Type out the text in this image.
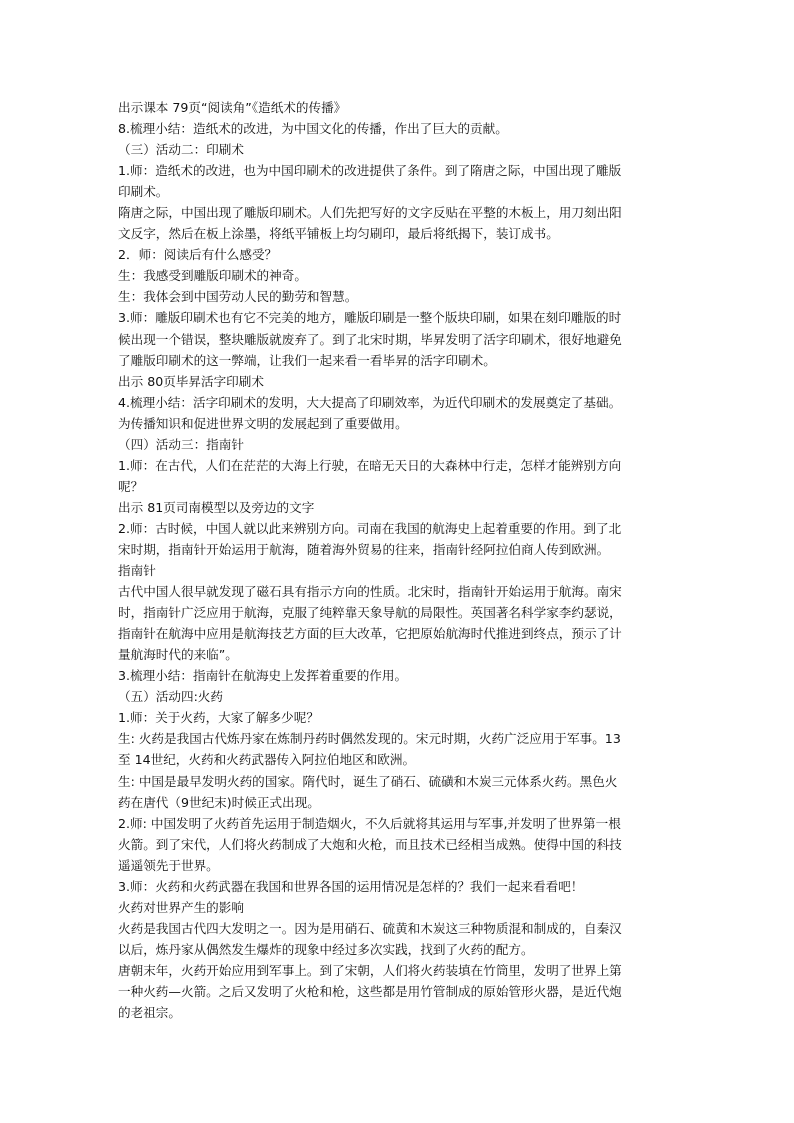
出示课本 79页“阅读角”《造纸术的传播》

8.梳理小结：造纸术的改进，为中国文化的传播，作出了巨大的贡献。

（三）活动二：印刷术

1.师：造纸术的改进，也为中国印刷术的改进提供了条件。到了隋唐之际，中国出现了雕版

印刷术。

隋唐之际，中国出现了雕版印刷术。人们先把写好的文字反贴在平整的木板上，用刀刻出阳

文反字，然后在板上涂墨，将纸平铺板上均匀刷印，最后将纸揭下，装订成书。

2．师：阅读后有什么感受？

生：我感受到雕版印刷术的神奇。

生：我体会到中国劳动人民的勤劳和智慧。

3.师：雕版印刷术也有它不完美的地方，雕版印刷是一整个版块印刷，如果在刻印雕版的时

候出现一个错误，整块雕版就废弃了。到了北宋时期，毕昇发明了活字印刷术，很好地避免

了雕版印刷术的这一弊端，让我们一起来看一看毕昇的活字印刷术。

出示 80页毕昇活字印刷术

4.梳理小结：活字印刷术的发明，大大提高了印刷效率，为近代印刷术的发展奠定了基础。

为传播知识和促进世界文明的发展起到了重要做用。

（四）活动三：指南针

1.师：在古代，人们在茫茫的大海上行驶，在暗无天日的大森林中行走，怎样才能辨别方向

呢？

出示 81页司南模型以及旁边的文字

2.师：古时候，中国人就以此来辨别方向。司南在我国的航海史上起着重要的作用。到了北

宋时期，指南针开始运用于航海，随着海外贸易的往来，指南针经阿拉伯商人传到欧洲。

指南针

古代中国人很早就发现了磁石具有指示方向的性质。北宋时，指南针开始运用于航海。南宋

时，指南针广泛应用于航海，克服了纯粹靠天象导航的局限性。英国著名科学家李约瑟说，

指南针在航海中应用是航海技艺方面的巨大改革，它把原始航海时代推进到终点，预示了计

量航海时代的来临”。

3.梳理小结：指南针在航海史上发挥着重要的作用。

（五）活动四:火药

1.师：关于火药，大家了解多少呢？

生: 火药是我国古代炼丹家在炼制丹药时偶然发现的。宋元时期，火药广泛应用于军事。13

至 14世纪，火药和火药武器传入阿拉伯地区和欧洲。

生: 中国是最早发明火药的国家。隋代时，诞生了硝石、硫磺和木炭三元体系火药。黑色火

药在唐代（9世纪末)时候正式出现。

2.师: 中国发明了火药首先运用于制造烟火，不久后就将其运用与军事,并发明了世界第一根

火箭。到了宋代，人们将火药制成了大炮和火枪，而且技术已经相当成熟。使得中国的科技

遥遥领先于世界。

3.师：火药和火药武器在我国和世界各国的运用情况是怎样的？我们一起来看看吧！

火药对世界产生的影响

火药是我国古代四大发明之一。因为是用硝石、硫黄和木炭这三种物质混和制成的，自秦汉

以后，炼丹家从偶然发生爆炸的现象中经过多次实践，找到了火药的配方。

唐朝末年，火药开始应用到军事上。到了宋朝，人们将火药装填在竹筒里，发明了世界上第

一种火药—火箭。之后又发明了火枪和枪，这些都是用竹管制成的原始管形火器，是近代炮

的老祖宗。
